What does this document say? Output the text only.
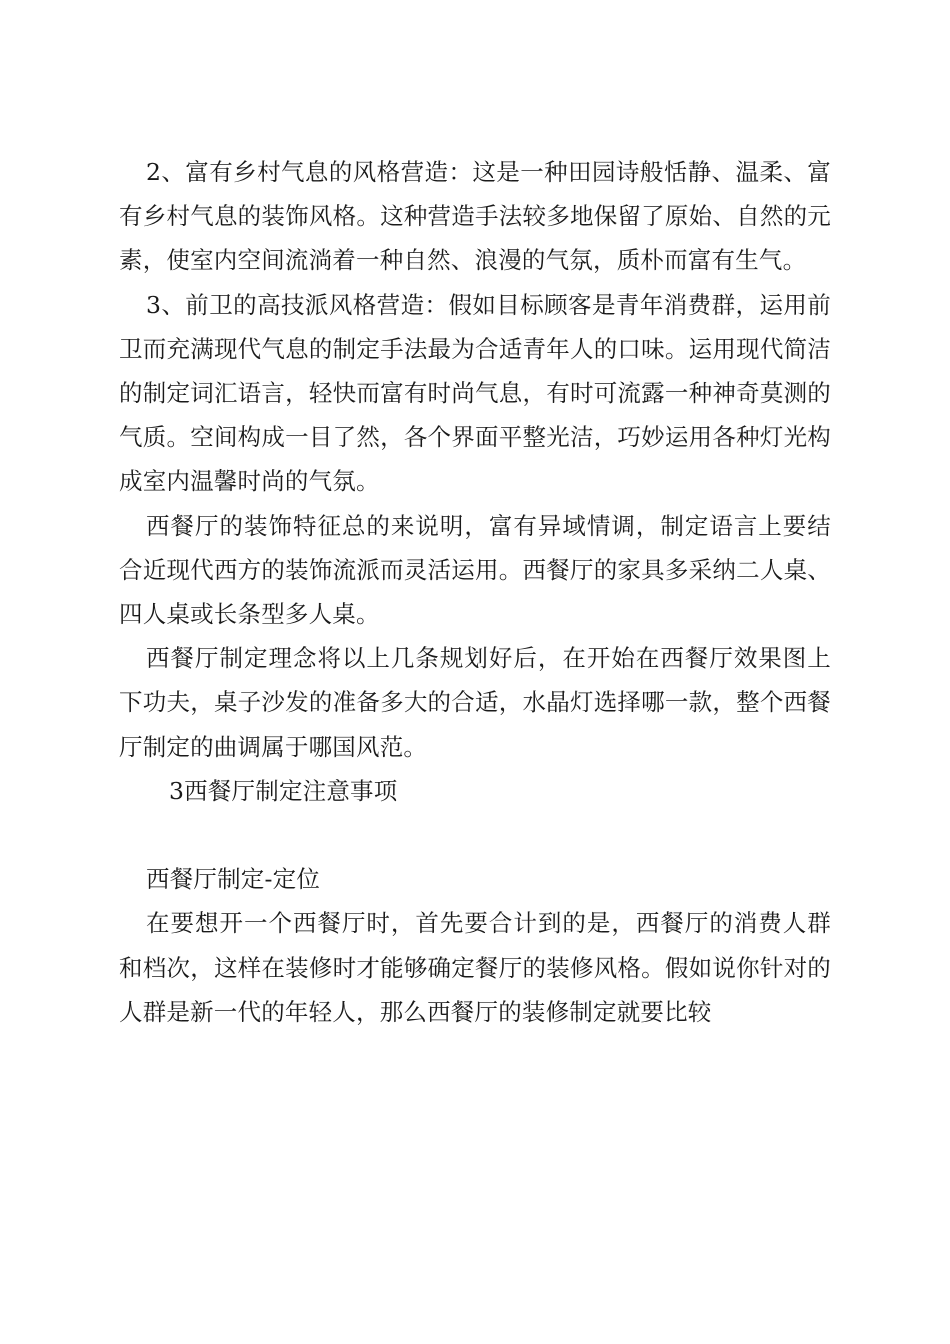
2、富有乡村气息的风格营造：这是一种田园诗般恬静、温柔、富有乡村气息的装饰风格。这种营造手法较多地保留了原始、自然的元素，使室内空间流淌着一种自然、浪漫的气氛，质朴而富有生气。

3、前卫的高技派风格营造：假如目标顾客是青年消费群，运用前卫而充满现代气息的制定手法最为合适青年人的口味。运用现代简洁的制定词汇语言，轻快而富有时尚气息，有时可流露一种神奇莫测的气质。空间构成一目了然，各个界面平整光洁，巧妙运用各种灯光构成室内温馨时尚的气氛。

西餐厅的装饰特征总的来说明，富有异域情调，制定语言上要结合近现代西方的装饰流派而灵活运用。西餐厅的家具多采纳二人桌、四人桌或长条型多人桌。

西餐厅制定理念将以上几条规划好后，在开始在西餐厅效果图上下功夫，桌子沙发的准备多大的合适，水晶灯选择哪一款，整个西餐厅制定的曲调属于哪国风范。

3西餐厅制定注意事项

西餐厅制定-定位

在要想开一个西餐厅时，首先要合计到的是，西餐厅的消费人群和档次，这样在装修时才能够确定餐厅的装修风格。假如说你针对的人群是新一代的年轻人，那么西餐厅的装修制定就要比较
